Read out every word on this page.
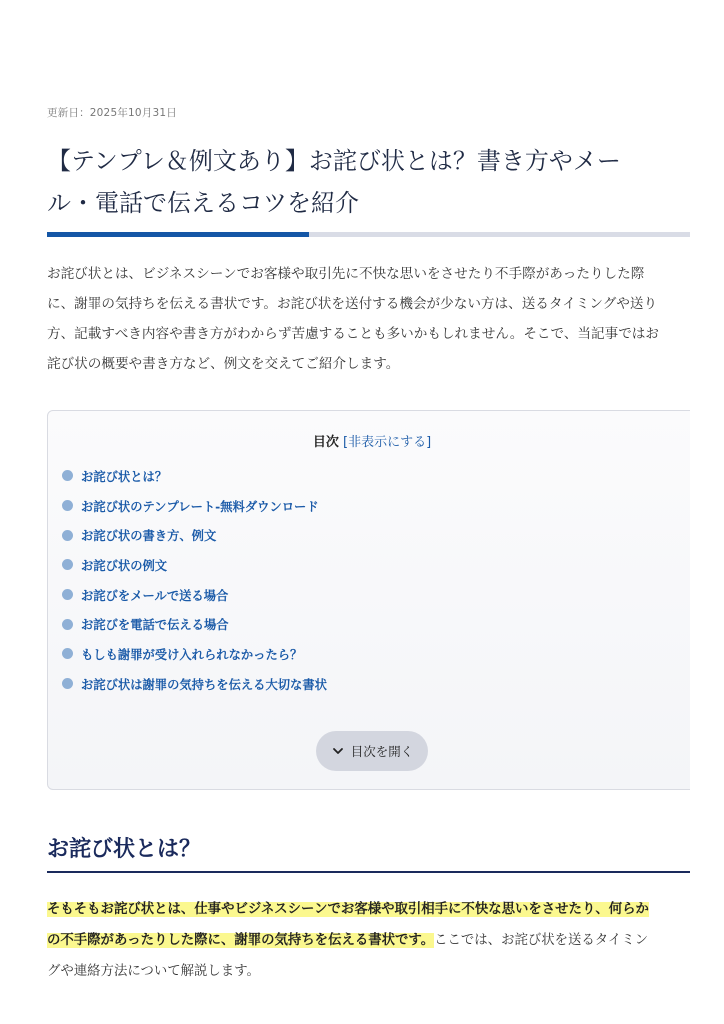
更新日：2025年10月31日
【テンプレ＆例文あり】お詫び状とは？書き方やメー
ル・電話で伝えるコツを紹介

お詫び状とは、ビジネスシーンでお客様や取引先に不快な思いをさせたり不手際があったりした際
に、謝罪の気持ちを伝える書状です。お詫び状を送付する機会が少ない方は、送るタイミングや送り
方、記載すべき内容や書き方がわからず苦慮することも多いかもしれません。そこで、当記事ではお
詫び状の概要や書き方など、例文を交えてご紹介します。

目次 [非表示にする]
お詫び状とは？
お詫び状のテンプレート-無料ダウンロード
お詫び状の書き方、例文
お詫び状の例文
お詫びをメールで送る場合
お詫びを電話で伝える場合
もしも謝罪が受け入れられなかったら？
お詫び状は謝罪の気持ちを伝える大切な書状
目次を開く
お詫び状とは？

そもそもお詫び状とは、仕事やビジネスシーンでお客様や取引相手に不快な思いをさせたり、何らか
の不手際があったりした際に、謝罪の気持ちを伝える書状です。ここでは、お詫び状を送るタイミン
グや連絡方法について解説します。
